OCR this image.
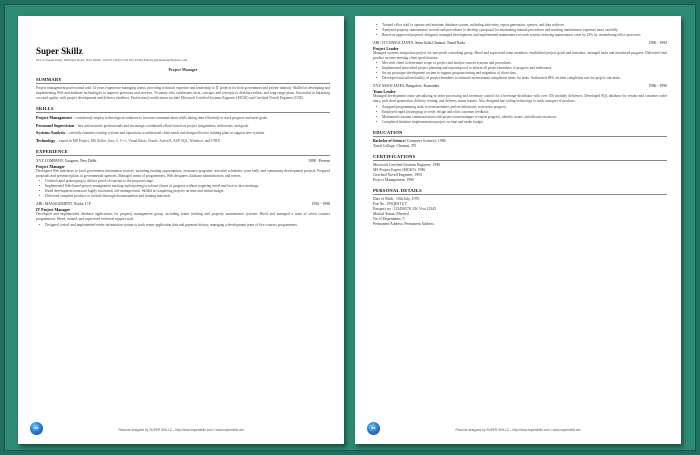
Super Skillz
615-A Vasant Kunj, Mehrauli Road, New Delhi, 110070 (Tel) (510) 555-0136 (Email) gmahenen@mylabs.com
Project Manager
SUMMARY
Project management professional with 14 years experience managing teams, providing technical expertise and leadership to IT projects for both government and private industry. Skilled at developing and implementing Web and database technologies to improve processes and services. Visionary who synthesizes facts, concepts and concepts to develop realistic and long-range plans. Successful in balancing cost and quality with project development and delivery timelines. Professional certifications include Microsoft Certified Systems Engineer (MCSE) and Certified Novell Engineer (CNE).
SKILLS
Project Management – consistently employ technological solutions to increase communication while taking time efficiently to track progress and meet goals.
Personnel Supervision – hire and motivate professionals and encourage coordinated efforts based on project assignments, milestones, and goals.
Systems Analysis – carefully examine existing systems and operations to understand client needs and design effective training plans to support new systems.
Technology – expert in MS Project, MS Office, Java, C, C++, Visual Basic, Oracle, ActiveX, ASP, SQL, Windows, and UNIX.
EXPERIENCE
XYZ COMPANY, Gurgaon, New Delhi	1998 - Present
Project Manager
Developed Web interfaces to local government information sources, including funding opportunities, assistance programs, activities schedules, town halls, and community development projects. Prepared proposals and presented plans to governmental agencies. Managed teams of programmers, Web designers, database administrators, and testers.
• Utilized rapid prototyping to deliver proof-of-concept to the proposal stage.
• Implemented Web-based project management tracking and reporting to inform clients of progress without requiring travel and face-to-face meetings.
• Hired development team into highly motivated, self-managed unit. Skilled at completing projects on time and within budget.
• Delivered complete products to include thorough documentation and training materials.
ABC MANAGEMENT, Noida, U.P	1992 - 1998
IT Project Manager
Developed and implemented database applications for property management group, including renter tracking and property maintenance systems. Hired and managed a team of seven contract programmers. Hired, trained, and supervised technical support staff.
• Designed, tested, and implemented renter information system to track renter application data and payment history, managing a development team of five contract programmers.
SS	Resume designed by SUPER SKILLZ – http://www.superskillz.com • www.superskillz.net
• Trained office staff to operate and maintain database system, including data entry, report generation, queries, and data archives.
• Analyzed property maintenance records and procedures to develop a proposal for automating manual procedures and tracking maintenance expenses more carefully.
• Based on approved proposal, designed, managed development, and implemented maintenance records system, reducing maintenance costs by 22% by streamlining office processes.
ABC IT CONSULTANTS, Anna Salai,Chennai, Tamil Nadu	1990 - 1992
Project Leader
Managed systems integration project for non-profit consulting group. Hired and supervised team members, established project goals and timelines, arranged tasks and monitored progress. Delivered final product on time meeting client specifications.
• Met with client to determine scope of project and analyze current systems and procedures.
• Implemented networked project planning and reporting tool to inform all project members of progress and milestones.
• Set up prototype development system to support program testing and migration of client data.
• Developed and tailored utility of project members to estimate and maintain completion times for tasks. Authorized 48% on-time completion rate for project sub-tasks.
XYZ ASSOCIATES, Bangalore, Karnataka	1986 - 1990
Team Leader
Managed development team specializing in order processing and inventory control for a beverage distributor with over 350 monthly deliveries. Developed SQL database for vendor and customer order entry, pick sheet generation, delivery routing, and delivery status reports. Also designed bar-coding technology to track transport of products.
• Assigned programming tasks to team members and set milestones to monitor progress.
• Employed rapid prototyping to verify design and elicit customer feedback.
• Maintained constant communication with project team manager to report progress, identify issues, and allocate resources.
• Completed database implementation project on time and under budget.
EDUCATION
Bachelor of Science (Computer Science), 1986
Tamil College, Chennai, TN
CERTIFICATIONS
Microsoft Certified Systems Engineer, 1998
MS Project Expert (MOUS), 1996
Certified Novell Engineer, 1993
Project Management, 1990
PERSONAL DETAILS
Date of Birth : 10th July, 1970
Pan No : PNQESTUV
Passport no : 123456578, UK Visa 12345
Marital Status: Married
No of Dependants: 5
Permanent Address: Permanent Address
SS	Resume designed by SUPER SKILLZ – http://www.superskillz.com • www.superskillz.net
